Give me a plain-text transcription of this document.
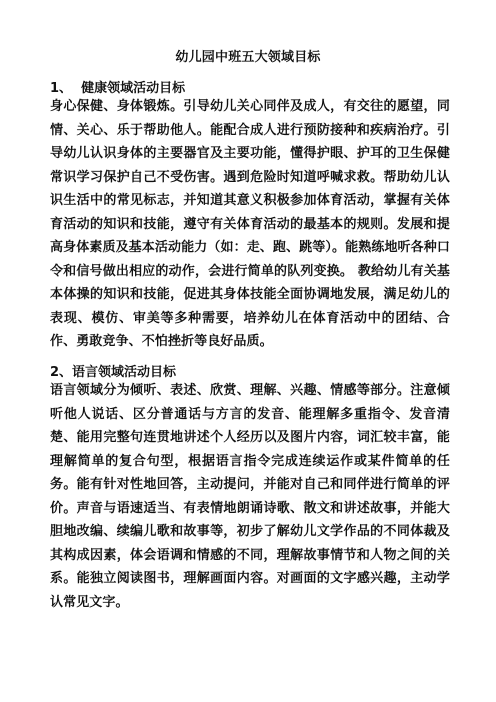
幼儿园中班五大领域目标
1、  健康领域活动目标

身心保健、身体锻炼。引导幼儿关心同伴及成人，有交往的愿望，同情、关心、乐于帮助他人。能配合成人进行预防接种和疾病治疗。引导幼儿认识身体的主要器官及主要功能，懂得护眼、护耳的卫生保健常识学习保护自己不受伤害。遇到危险时知道呼喊求救。帮助幼儿认识生活中的常见标志，并知道其意义积极参加体育活动，掌握有关体育活动的知识和技能，遵守有关体育活动的最基本的规则。发展和提高身体素质及基本活动能力（如：走、跑、跳等）。能熟练地听各种口令和信号做出相应的动作，会进行简单的队列变换。 教给幼儿有关基本体操的知识和技能，促进其身体技能全面协调地发展，满足幼儿的表现、模仿、审美等多种需要，培养幼儿在体育活动中的团结、合作、勇敢竞争、不怕挫折等良好品质。

2、语言领域活动目标

语言领域分为倾听、表述、欣赏、理解、兴趣、情感等部分。注意倾听他人说话、区分普通话与方言的发音、能理解多重指令、发音清楚、能用完整句连贯地讲述个人经历以及图片内容，词汇较丰富，能理解简单的复合句型，根据语言指令完成连续运作或某件简单的任务。能有针对性地回答，主动提问，并能对自己和同伴进行简单的评价。声音与语速适当、有表情地朗诵诗歌、散文和讲述故事，并能大胆地改编、续编儿歌和故事等，初步了解幼儿文学作品的不同体裁及其构成因素，体会语调和情感的不同，理解故事情节和人物之间的关系。能独立阅读图书，理解画面内容。对画面的文字感兴趣，主动学认常见文字。
